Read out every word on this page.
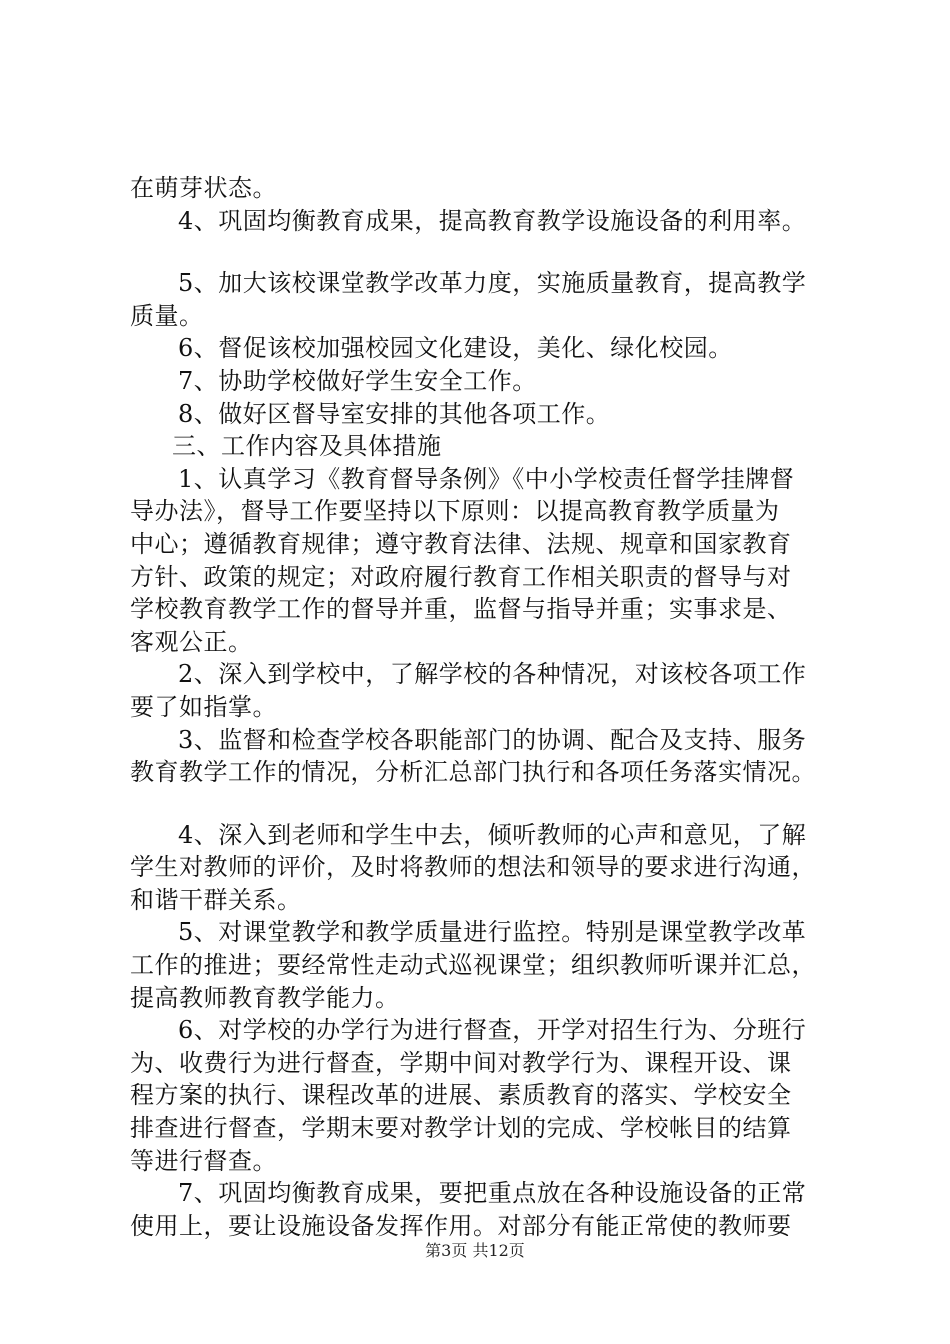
在萌芽状态。
4、巩固均衡教育成果，提高教育教学设施设备的利用率。
5、加大该校课堂教学改革力度，实施质量教育，提高教学
质量。
6、督促该校加强校园文化建设，美化、绿化校园。
7、协助学校做好学生安全工作。
8、做好区督导室安排的其他各项工作。
三、工作内容及具体措施
1、认真学习《教育督导条例》《中小学校责任督学挂牌督
导办法》，督导工作要坚持以下原则：以提高教育教学质量为
中心；遵循教育规律；遵守教育法律、法规、规章和国家教育
方针、政策的规定；对政府履行教育工作相关职责的督导与对
学校教育教学工作的督导并重，监督与指导并重；实事求是、
客观公正。
2、深入到学校中，了解学校的各种情况，对该校各项工作
要了如指掌。
3、监督和检查学校各职能部门的协调、配合及支持、服务
教育教学工作的情况，分析汇总部门执行和各项任务落实情况。
4、深入到老师和学生中去，倾听教师的心声和意见，了解
学生对教师的评价，及时将教师的想法和领导的要求进行沟通，
和谐干群关系。
5、对课堂教学和教学质量进行监控。特别是课堂教学改革
工作的推进；要经常性走动式巡视课堂；组织教师听课并汇总，
提高教师教育教学能力。
6、对学校的办学行为进行督查，开学对招生行为、分班行
为、收费行为进行督查，学期中间对教学行为、课程开设、课
程方案的执行、课程改革的进展、素质教育的落实、学校安全
排查进行督查，学期末要对教学计划的完成、学校帐目的结算
等进行督查。
7、巩固均衡教育成果，要把重点放在各种设施设备的正常
使用上，要让设施设备发挥作用。对部分有能正常使的教师要
第3页 共12页
